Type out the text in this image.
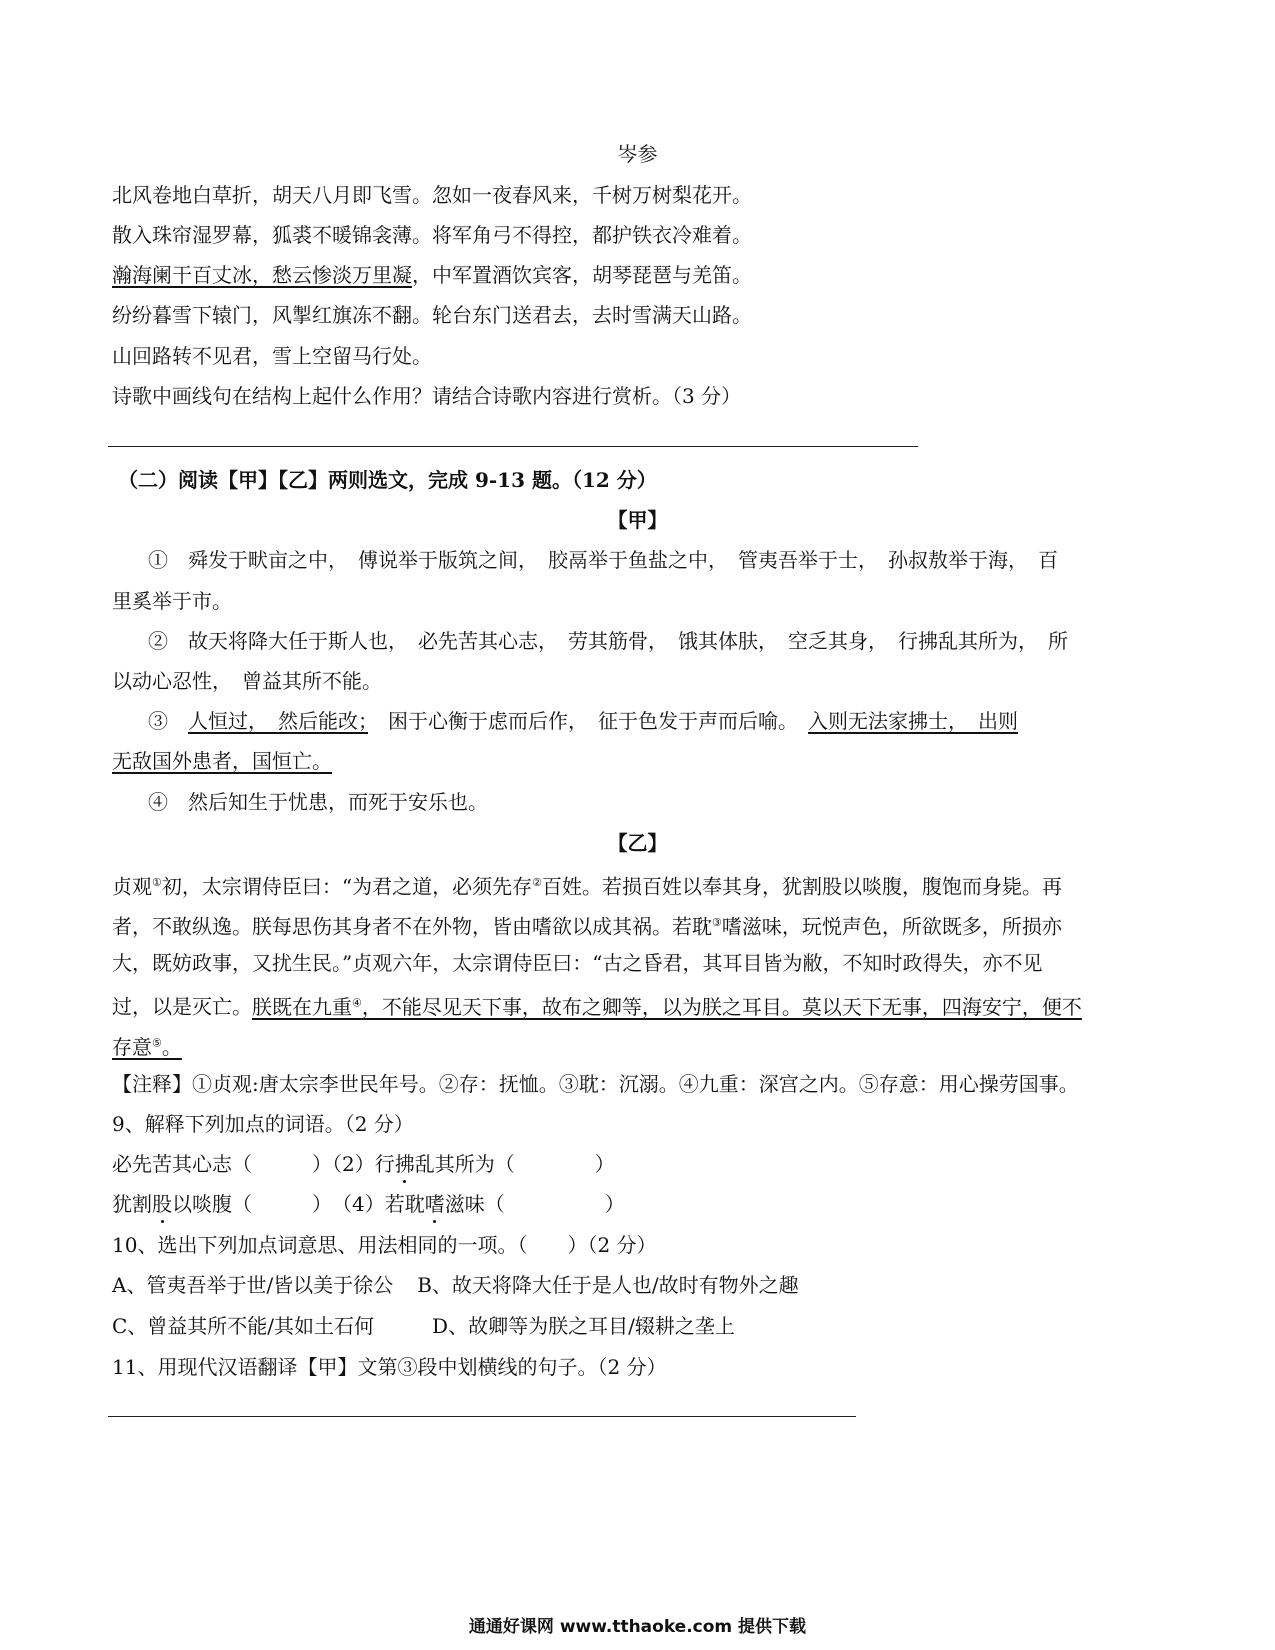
岑参
北风卷地白草折，胡天八月即飞雪。忽如一夜春风来，千树万树梨花开。
散入珠帘湿罗幕，狐裘不暖锦衾薄。将军角弓不得控，都护铁衣冷难着。
瀚海阑干百丈冰，愁云惨淡万里凝，中军置酒饮宾客，胡琴琵琶与羌笛。
纷纷暮雪下辕门，风掣红旗冻不翻。轮台东门送君去，去时雪满天山路。
山回路转不见君，雪上空留马行处。
诗歌中画线句在结构上起什么作用？请结合诗歌内容进行赏析。（3 分）
（二）阅读【甲】【乙】两则选文，完成 9-13 题。（12 分）
【甲】
①　舜发于畎亩之中，　傅说举于版筑之间，　胶鬲举于鱼盐之中，　管夷吾举于士，　孙叔敖举于海，　百
里奚举于市。
②　故天将降大任于斯人也，　必先苦其心志，　劳其筋骨，　饿其体肤，　空乏其身，　行拂乱其所为，　所
以动心忍性，　曾益其所不能。
③　人恒过，　然后能改；　困于心衡于虑而后作，　征于色发于声而后喻。　入则无法家拂士，　出则
无敌国外患者，国恒亡。
④　然后知生于忧患，而死于安乐也。
【乙】
贞观①初，太宗谓侍臣曰：“为君之道，必须先存②百姓。若损百姓以奉其身，犹割股以啖腹，腹饱而身毙。再
者，不敢纵逸。朕每思伤其身者不在外物，皆由嗜欲以成其祸。若耽③嗜滋味，玩悦声色，所欲既多，所损亦
大，既妨政事，又扰生民。”贞观六年，太宗谓侍臣曰：“古之昏君，其耳目皆为敝，不知时政得失，亦不见
过，以是灭亡。朕既在九重④，不能尽见天下事，故布之卿等，以为朕之耳目。莫以天下无事，四海安宁，便不
存意⑤。
【注释】①贞观:唐太宗李世民年号。②存：抚恤。③耽：沉溺。④九重：深宫之内。⑤存意：用心操劳国事。
9、解释下列加点的词语。（2 分）
必先苦其心志（　　　）（2）行拂乱其所为（　　　　）
犹割股以啖腹（　　　）　（4）若耽嗜滋味（　　　　　）
10、选出下列加点词意思、用法相同的一项。（　　）（2 分）
A、管夷吾举于世/皆以美于徐公 B、故天将降大任于是人也/故时有物外之趣
C、曾益其所不能/其如土石何	D、故卿等为朕之耳目/辍耕之垄上
11、用现代汉语翻译【甲】文第③段中划横线的句子。（2 分）
通通好课网 www.tthaoke.com 提供下载
